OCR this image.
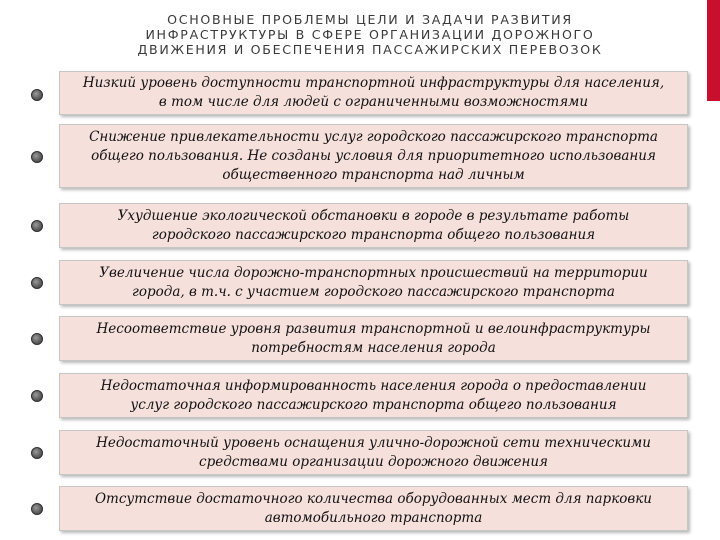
ОСНОВНЫЕ ПРОБЛЕМЫ ЦЕЛИ И ЗАДАЧИ РАЗВИТИЯ
ИНФРАСТРУКТУРЫ В СФЕРЕ ОРГАНИЗАЦИИ ДОРОЖНОГО
ДВИЖЕНИЯ И ОБЕСПЕЧЕНИЯ ПАССАЖИРСКИХ ПЕРЕВОЗОК
Низкий уровень доступности транспортной инфраструктуры для населения,
в том числе для людей с ограниченными возможностями
Снижение привлекательности услуг городского пассажирского транспорта
общего пользования. Не созданы условия для приоритетного использования
общественного транспорта над личным
Ухудшение экологической обстановки в городе в результате работы
городского пассажирского транспорта общего пользования
Увеличение числа дорожно-транспортных происшествий на территории
города, в т.ч. с участием городского пассажирского транспорта
Несоответствие уровня развития транспортной и велоинфраструктуры
потребностям населения города
Недостаточная информированность населения города о предоставлении
услуг городского пассажирского транспорта общего пользования
Недостаточный уровень оснащения улично-дорожной сети техническими
средствами организации дорожного движения
Отсутствие достаточного количества оборудованных мест для парковки
автомобильного транспорта
